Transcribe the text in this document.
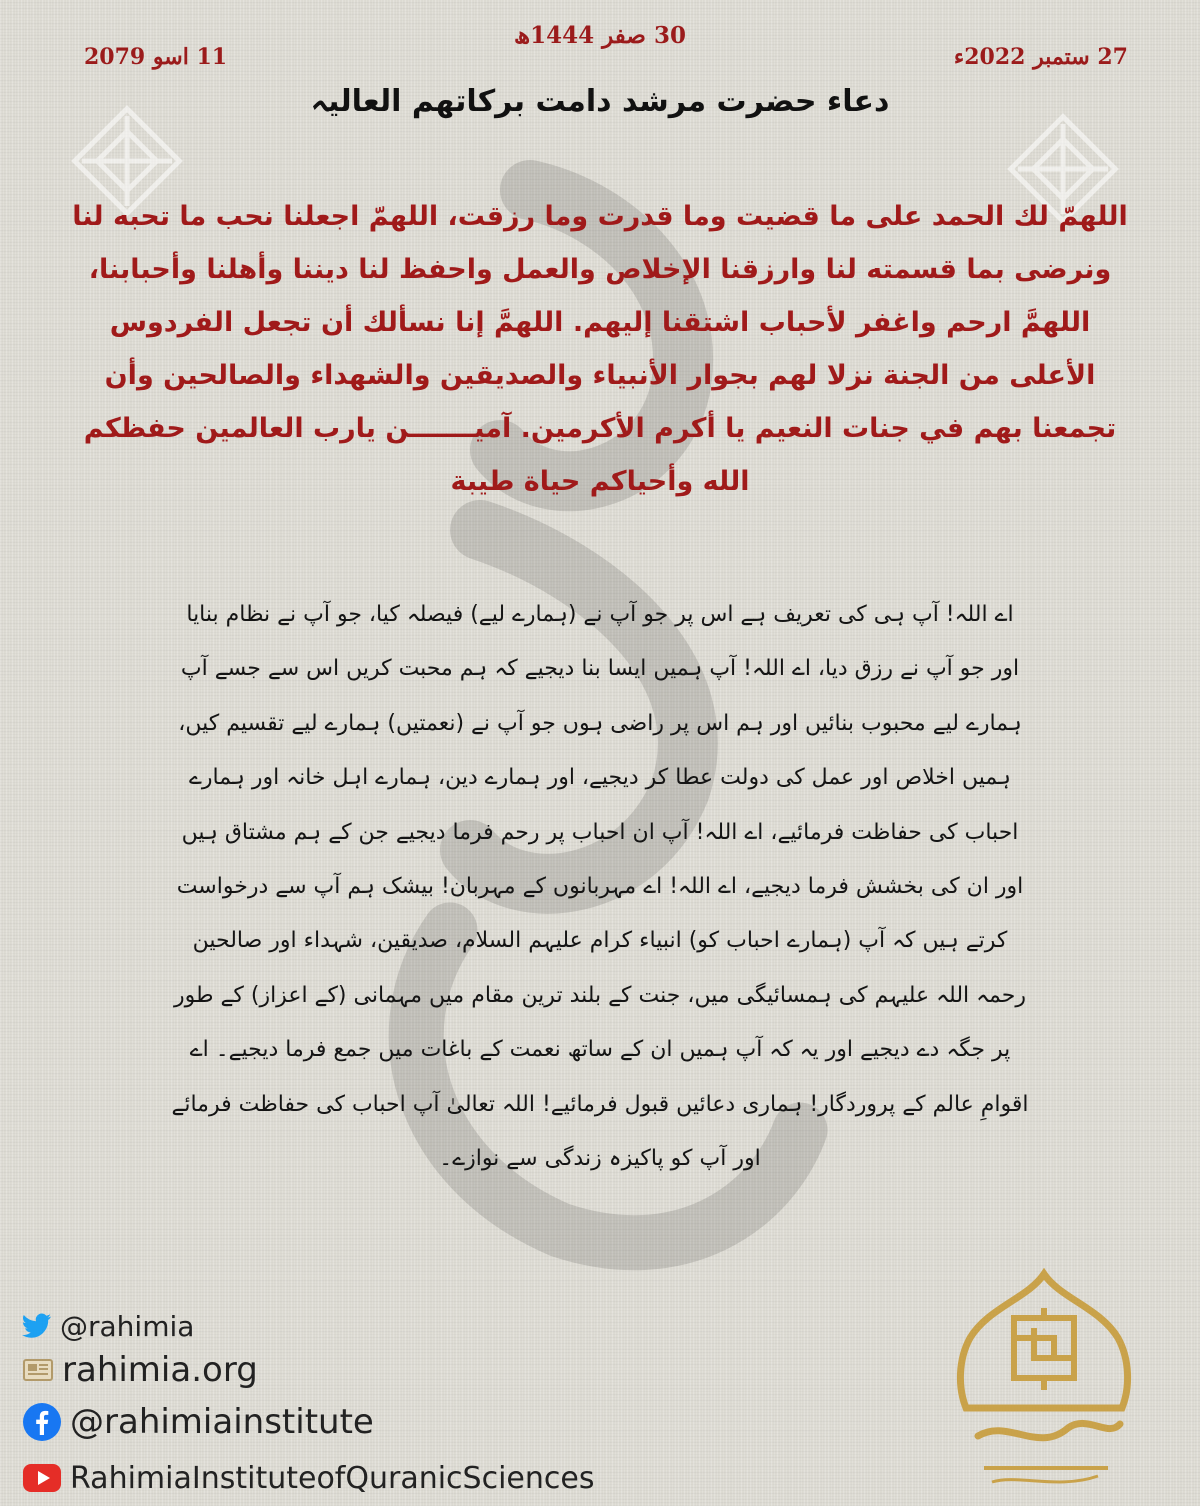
30 صفر 1444ھ
27 ستمبر 2022ء
11 اسو 2079
دعاء حضرت مرشد دامت برکاتھم العالیہ

اللهمّ لك الحمد على ما قضيت وما قدرت وما رزقت، اللهمّ اجعلنا نحب ما تحبه لنا ونرضى بما قسمته لنا وارزقنا الإخلاص والعمل واحفظ لنا ديننا وأهلنا وأحبابنا، اللهمَّ ارحم واغفر لأحباب اشتقنا إليهم. اللهمَّ إنا نسألك أن تجعل الفردوس الأعلى من الجنة نزلا لهم بجوار الأنبياء والصديقين والشهداء والصالحين وأن تجمعنا بهم في جنات النعيم يا أكرم الأكرمين. آميـــــــن يارب العالمين حفظكم الله وأحياكم حياة طيبة

اے اللہ! آپ ہی کی تعریف ہے اس پر جو آپ نے (ہمارے لیے) فیصلہ کیا، جو آپ نے نظام بنایا اور جو آپ نے رزق دیا، اے اللہ! آپ ہمیں ایسا بنا دیجیے کہ ہم محبت کریں اس سے جسے آپ ہمارے لیے محبوب بنائیں اور ہم اس پر راضی ہوں جو آپ نے (نعمتیں) ہمارے لیے تقسیم کیں، ہمیں اخلاص اور عمل کی دولت عطا کر دیجیے، اور ہمارے دین، ہمارے اہل خانہ اور ہمارے احباب کی حفاظت فرمائیے، اے اللہ! آپ ان احباب پر رحم فرما دیجیے جن کے ہم مشتاق ہیں اور ان کی بخشش فرما دیجیے، اے اللہ! اے مہربانوں کے مہربان! بیشک ہم آپ سے درخواست کرتے ہیں کہ آپ (ہمارے احباب کو) انبیاء کرام علیہم السلام، صدیقین، شہداء اور صالحین رحمہ اللہ علیہم کی ہمسائیگی میں، جنت کے بلند ترین مقام میں مہمانی (کے اعزاز) کے طور پر جگہ دے دیجیے اور یہ کہ آپ ہمیں ان کے ساتھ نعمت کے باغات میں جمع فرما دیجیے۔ اے اقوامِ عالم کے پروردگار! ہماری دعائیں قبول فرمائیے! اللہ تعالیٰ آپ احباب کی حفاظت فرمائے اور آپ کو پاکیزہ زندگی سے نوازے۔

@rahimia
rahimia.org
@rahimiainstitute
RahimiaInstituteofQuranicSciences
